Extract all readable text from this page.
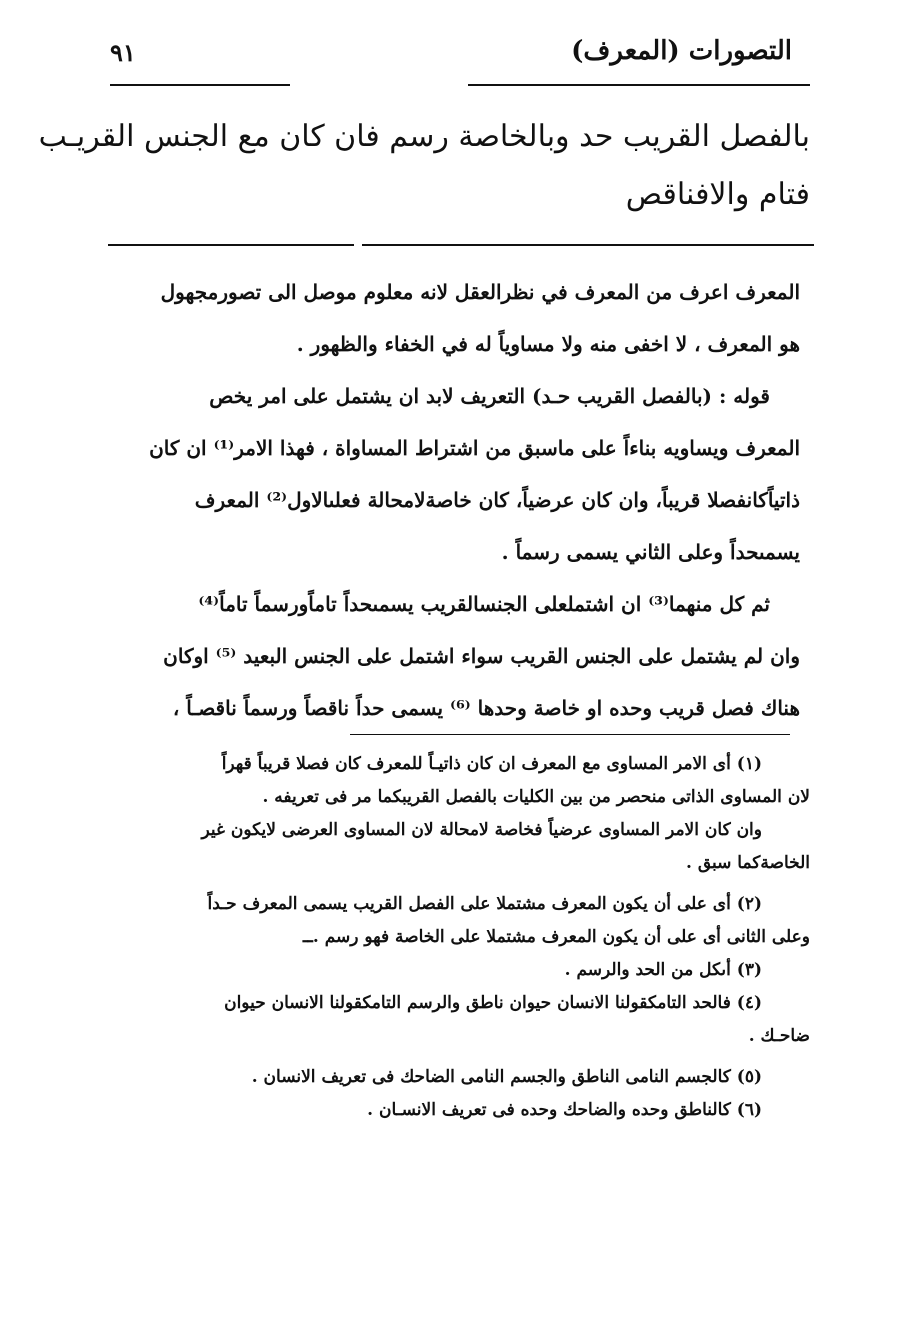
التصورات (المعرف)
٩١
بالفصل القريب حد وبالخاصة رسم فان كان مع الجنس القريـب
فتام والافناقص
المعرف اعرف من المعرف في نظرالعقل لانه معلوم موصل الى تصورمجهول
هو المعرف ، لا اخفى منه ولا مساوياً له في الخفاء والظهور .
قوله : (بالفصل القريب حـد) التعريف لابد ان يشتمل على امر يخص
المعرف ويساويه بناءاً على ماسبق من اشتراط المساواة ، فهذا الامر⁽¹⁾ ان كان
ذاتياًكانفصلا قريباً، وان كان عرضياً، كان خاصةلامحالة فعلىالاول⁽²⁾ المعرف
يسمىحداً وعلى الثاني يسمى رسماً .
ثم كل منهما⁽³⁾ ان اشتملعلى الجنسالقريب يسمىحداً تاماًورسماً تاماً⁽⁴⁾
وان لم يشتمل على الجنس القريب سواء اشتمل على الجنس البعيد ⁽⁵⁾ اوكان
هناك فصل قريب وحده او خاصة وحدها ⁽⁶⁾ يسمى حداً ناقصاً ورسماً ناقصـاً ،
(١) أى الامر المساوى مع المعرف ان كان ذاتيـاً للمعرف كان فصلا قريباً قهراً
لان المساوى الذاتى منحصر من بين الكليات بالفصل القريبكما مر فى تعريفه .
وان كان الامر المساوى عرضياً فخاصة لامحالة لان المساوى العرضى لايكون غير
الخاصةكما سبق .
(٢) أى على أن يكون المعرف مشتملا على الفصل القريب يسمى المعرف حـداً
وعلى الثانى أى على أن يكون المعرف مشتملا على الخاصة فهو رسم .ــ
(٣) أىكل من الحد والرسم .
(٤) فالحد التامكقولنا الانسان حيوان ناطق والرسم التامكقولنا الانسان حيوان
ضاحـك .
(٥) كالجسم النامى الناطق والجسم النامى الضاحك فى تعريف الانسان .
(٦) كالناطق وحده والضاحك وحده فى تعريف الانسـان .
